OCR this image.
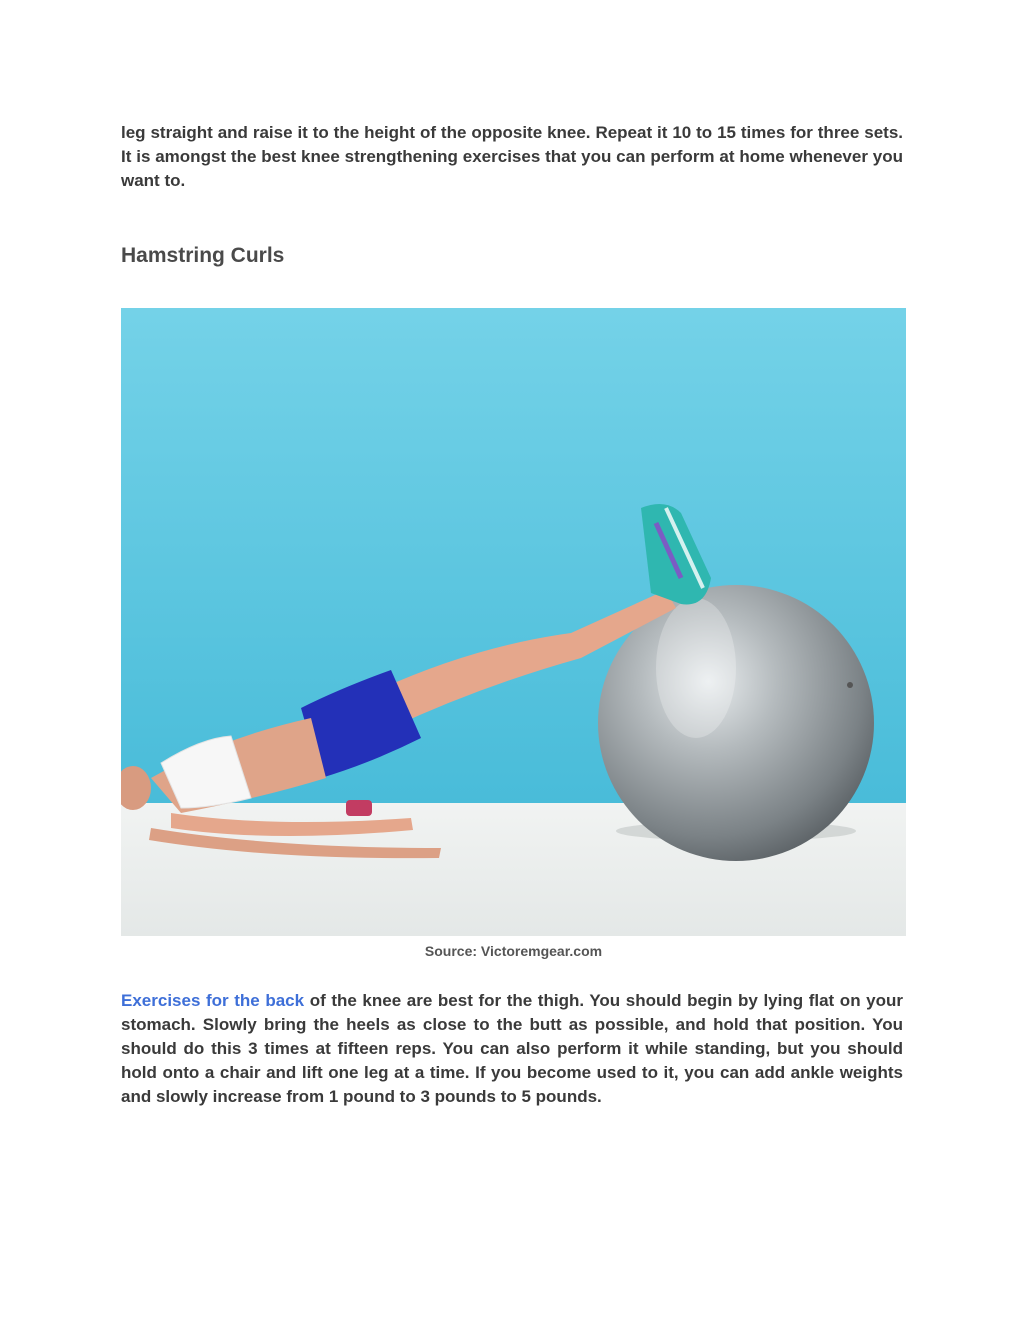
leg straight and raise it to the height of the opposite knee. Repeat it 10 to 15 times for three sets. It is amongst the best knee strengthening exercises that you can perform at home whenever you want to.

Hamstring Curls
Source: Victoremgear.com

Exercises for the back of the knee are best for the thigh. You should begin by lying flat on your stomach. Slowly bring the heels as close to the butt as possible, and hold that position. You should do this 3 times at fifteen reps. You can also perform it while standing, but you should hold onto a chair and lift one leg at a time. If you become used to it, you can add ankle weights and slowly increase from 1 pound to 3 pounds to 5 pounds.
